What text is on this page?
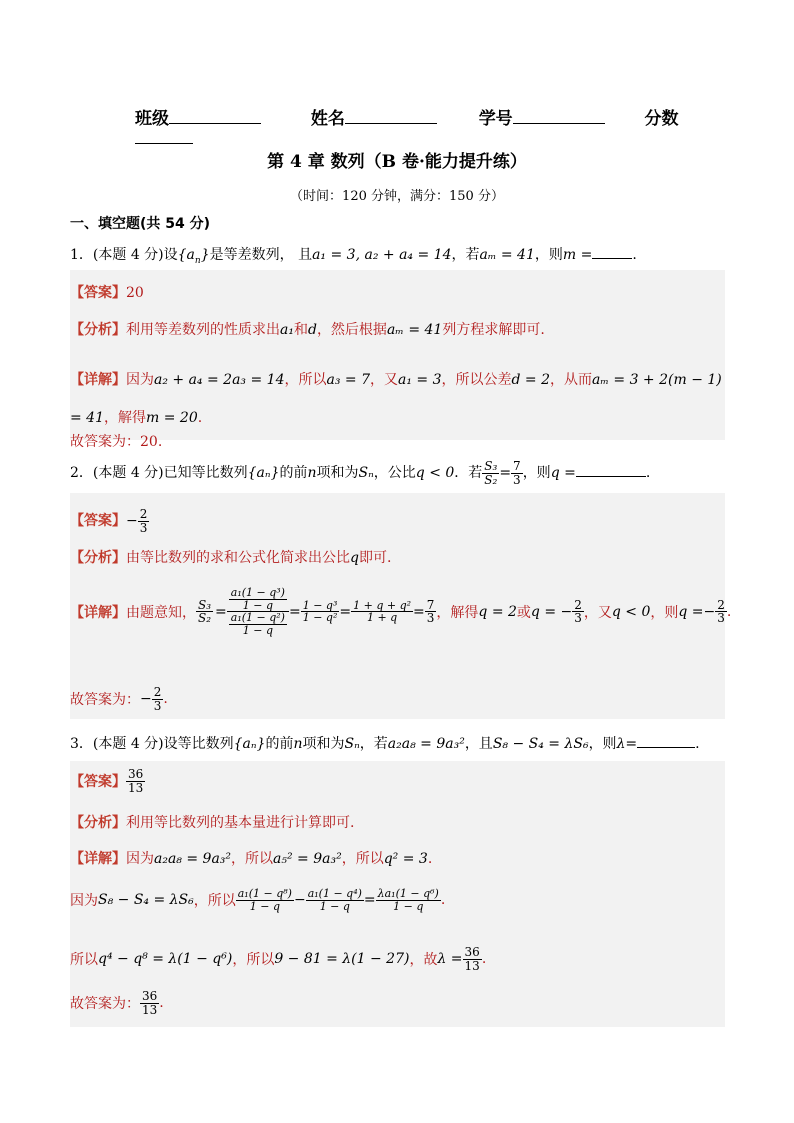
班级	姓名	学号	分数
第 4 章 数列（B 卷·能力提升练）
（时间：120 分钟，满分：150 分）
一、填空题(共 54 分)
1．(本题 4 分)设$\{a_n\}$是等差数列， 且a₁ = 3, a₂ + a₄ = 14，若aₘ = 41，则m =	.
【答案】20
【分析】利用等差数列的性质求出a₁和d，然后根据aₘ = 41列方程求解即可.
【详解】因为a₂ + a₄ = 2a₃ = 14，所以a₃ = 7，又a₁ = 3，所以公差d = 2，从而aₘ = 3 + 2(m − 1) = 41，解得m = 20.
故答案为：20.
2．(本题 4 分)已知等比数列{aₙ}的前n项和为Sₙ，公比q < 0．若 $\frac{\text{S₃}}{\text{S₂}} = \frac{7}{3}$ ，则q =	.
【答案】− $\frac{2}{3}$
【分析】由等比数列的求和公式化简求出公比q即可.
【详解】 由题意知， $\frac{\text{S₃}}{\text{S₂}} = \frac{\frac{\text{a₁(1 − q³)}}{1 - q}}{\frac{\text{a₁(1 − q²)}}{1 - q}} = \frac{\text{1 − q³}}{\text{1 − q²}} = \frac{\text{1 + q + q²}}{1 + q} = \frac{7}{3}$ ，解得 q = 2 或 q = − $\frac{2}{3}$ ，又 q < 0 ，则 q = − $\frac{2}{3}$ .
故答案为： − $\frac{2}{3}$ .
3．(本题 4 分)设等比数列{aₙ}的前n项和为Sₙ，若a₂a₈ = 9a₃²，且S₈ − S₄ = λS₆，则λ=	.
【答案】 $\frac{36}{13}$
【分析】利用等比数列的基本量进行计算即可.
【详解】因为a₂a₈ = 9a₃²，所以a₅² = 9a₃²，所以q² = 3.
因为 S₈ − S₄ = λS₆ ，所以 $\frac{\text{a₁(1 − q⁸)}}{1 - q} - \frac{\text{a₁(1 − q⁴)}}{1 - q} = \frac{\text{λa₁(1 − q⁶)}}{1 - q}$ .
所以 q⁴ − q⁸ = λ(1 − q⁶) ，所以 9 − 81 = λ(1 − 27) ，故 $\lambda = \frac{36}{13}$ .
故答案为： $\frac{36}{13}$ .
